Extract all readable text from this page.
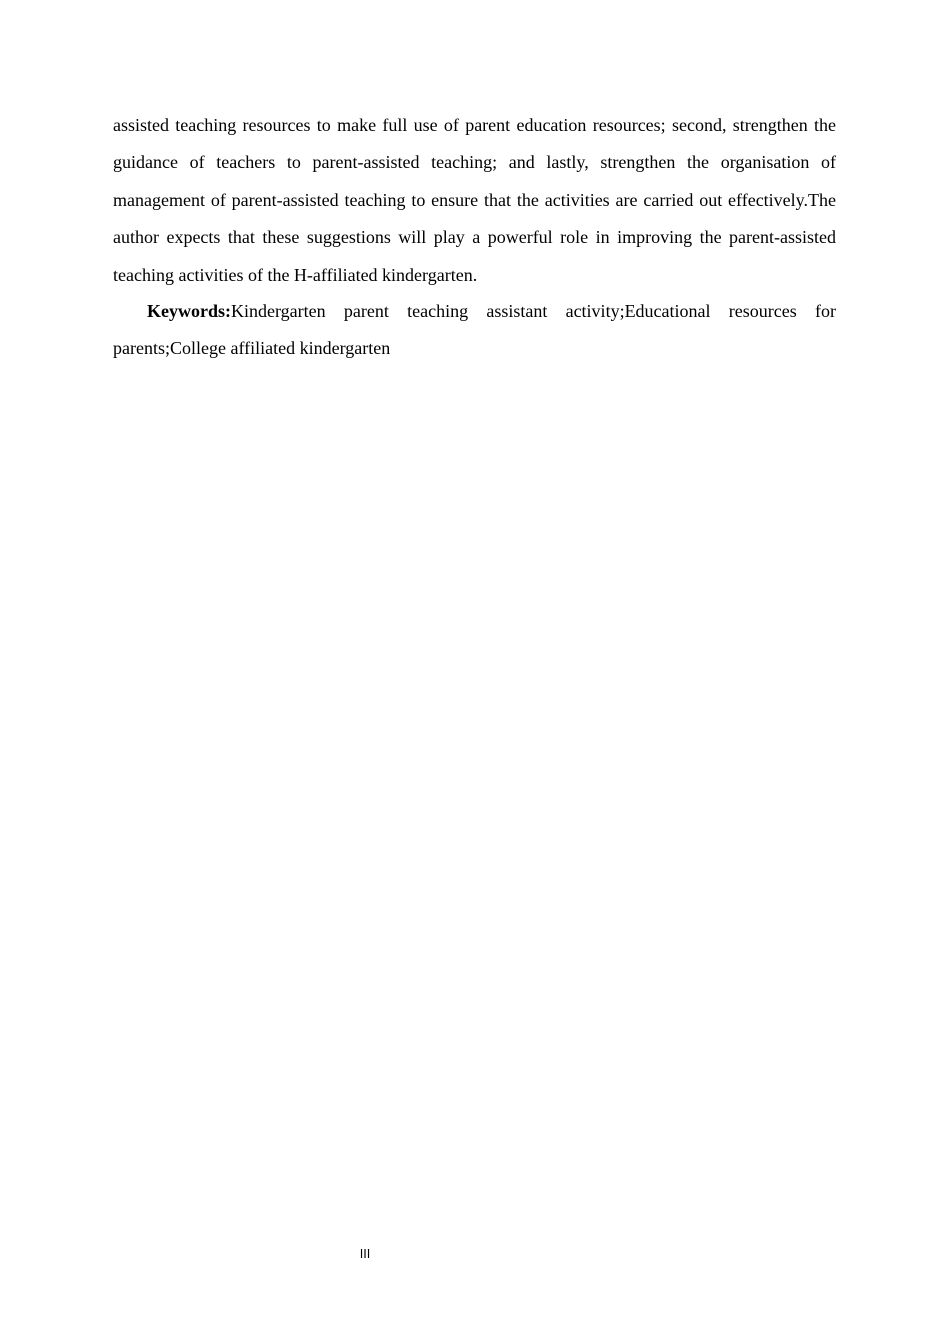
assisted teaching resources to make full use of parent education resources; second, strengthen the guidance of teachers to parent-assisted teaching; and lastly, strengthen the organisation of management of parent-assisted teaching to ensure that the activities are carried out effectively.The author expects that these suggestions will play a powerful role in improving the parent-assisted teaching activities of the H-affiliated kindergarten.

Keywords:Kindergarten parent teaching assistant activity;Educational resources for parents;College affiliated kindergarten

III
